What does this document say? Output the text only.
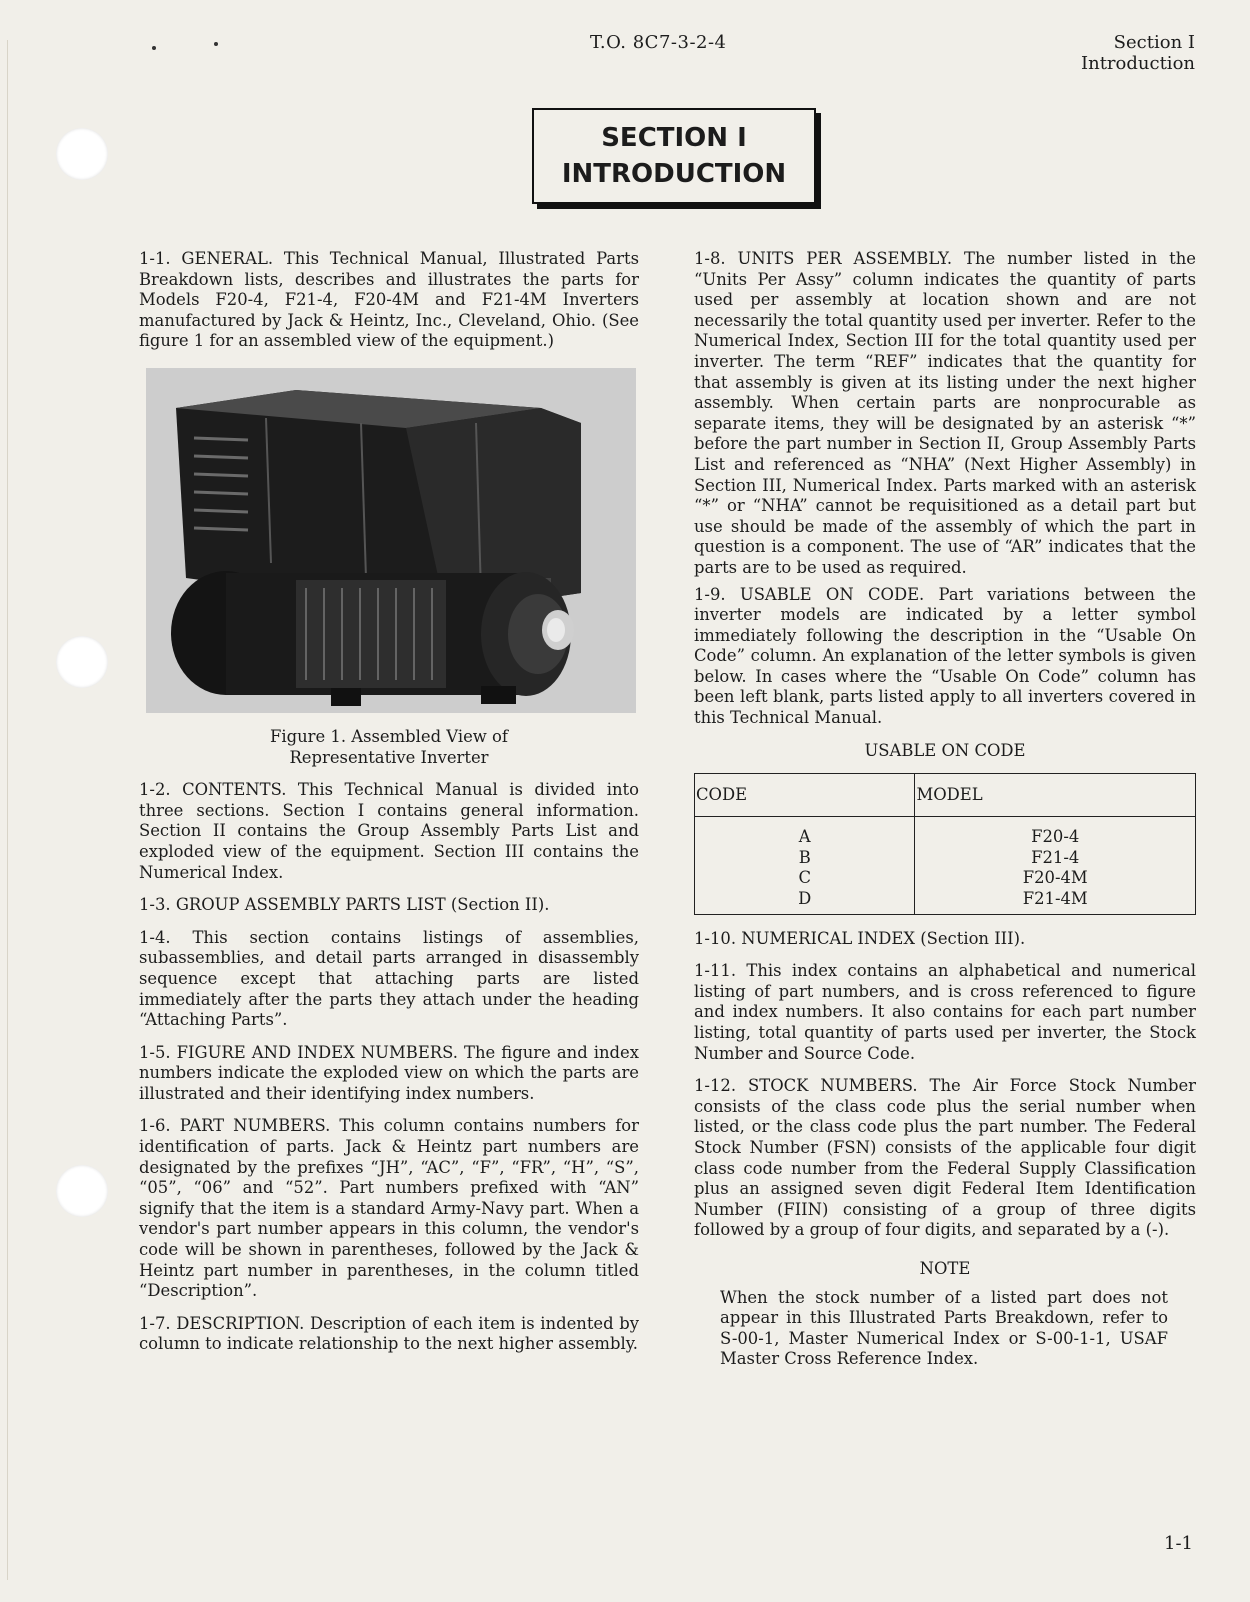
T.O. 8C7-3-2-4	Section I
Introduction
SECTION I
INTRODUCTION

1-1. GENERAL. This Technical Manual, Illustrated Parts Breakdown lists, describes and illustrates the parts for Models F20-4, F21-4, F20-4M and F21-4M Inverters manufactured by Jack & Heintz, Inc., Cleveland, Ohio. (See figure 1 for an assembled view of the equipment.)

Figure 1. Assembled View of
Representative Inverter

1-2. CONTENTS. This Technical Manual is divided into three sections. Section I contains general information. Section II contains the Group Assembly Parts List and exploded view of the equipment. Section III contains the Numerical Index.

1-3. GROUP ASSEMBLY PARTS LIST (Section II).

1-4. This section contains listings of assemblies, subassemblies, and detail parts arranged in disassembly sequence except that attaching parts are listed immediately after the parts they attach under the heading “Attaching Parts”.

1-5. FIGURE AND INDEX NUMBERS. The figure and index numbers indicate the exploded view on which the parts are illustrated and their identifying index numbers.

1-6. PART NUMBERS. This column contains numbers for identification of parts. Jack & Heintz part numbers are designated by the prefixes “JH”, “AC”, “F”, “FR”, “H”, “S”, “05”, “06” and “52”. Part numbers prefixed with “AN” signify that the item is a standard Army-Navy part. When a vendor's part number appears in this column, the vendor's code will be shown in parentheses, followed by the Jack & Heintz part number in parentheses, in the column titled “Description”.

1-7. DESCRIPTION. Description of each item is indented by column to indicate relationship to the next higher assembly.

1-8. UNITS PER ASSEMBLY. The number listed in the “Units Per Assy” column indicates the quantity of parts used per assembly at location shown and are not necessarily the total quantity used per inverter. Refer to the Numerical Index, Section III for the total quantity used per inverter. The term “REF” indicates that the quantity for that assembly is given at its listing under the next higher assembly. When certain parts are nonprocurable as separate items, they will be designated by an asterisk “*” before the part number in Section II, Group Assembly Parts List and referenced as “NHA” (Next Higher Assembly) in Section III, Numerical Index. Parts marked with an asterisk “*” or “NHA” cannot be requisitioned as a detail part but use should be made of the assembly of which the part in question is a component. The use of “AR” indicates that the parts are to be used as required.

1-9. USABLE ON CODE. Part variations between the inverter models are indicated by a letter symbol immediately following the description in the “Usable On Code” column. An explanation of the letter symbols is given below. In cases where the “Usable On Code” column has been left blank, parts listed apply to all inverters covered in this Technical Manual.

USABLE ON CODE
CODE	MODEL
A	F20-4
B	F21-4
C	F20-4M
D	F21-4M

1-10. NUMERICAL INDEX (Section III).

1-11. This index contains an alphabetical and numerical listing of part numbers, and is cross referenced to figure and index numbers. It also contains for each part number listing, total quantity of parts used per inverter, the Stock Number and Source Code.

1-12. STOCK NUMBERS. The Air Force Stock Number consists of the class code plus the serial number when listed, or the class code plus the part number. The Federal Stock Number (FSN) consists of the applicable four digit class code number from the Federal Supply Classification plus an assigned seven digit Federal Item Identification Number (FIIN) consisting of a group of three digits followed by a group of four digits, and separated by a (-).

NOTE
When the stock number of a listed part does not appear in this Illustrated Parts Breakdown, refer to S-00-1, Master Numerical Index or S-00-1-1, USAF Master Cross Reference Index.
1-1
